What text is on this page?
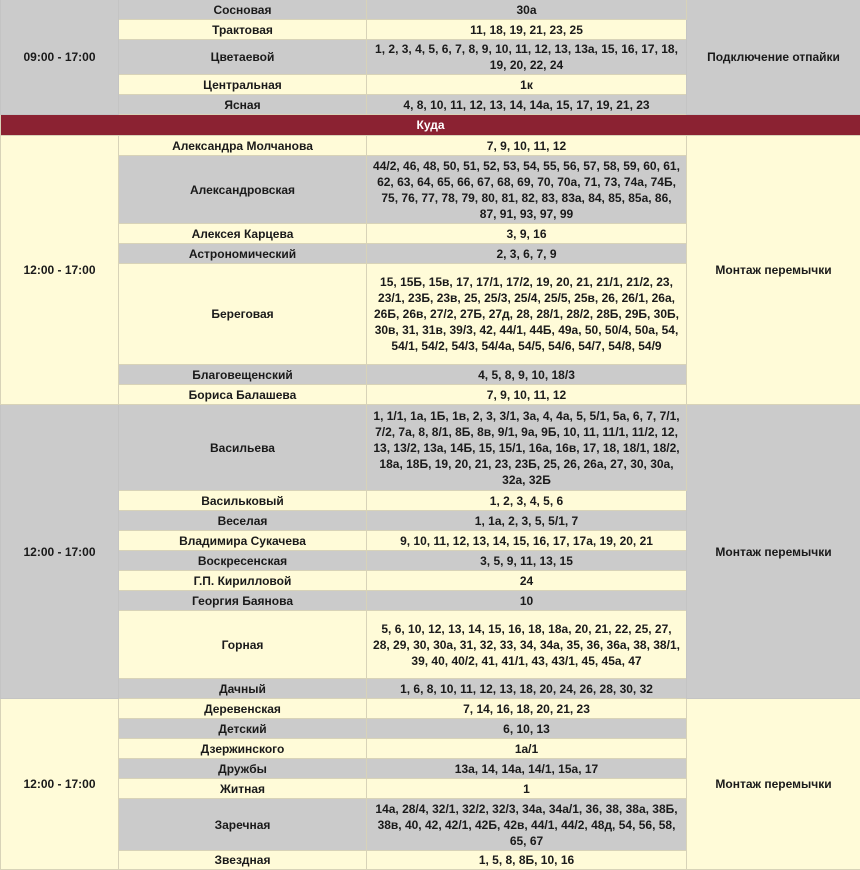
09:00 - 17:00	Сосновая	30а	Подключение отпайки
	Трактовая	11, 18, 19, 21, 23, 25	
	Цветаевой	1, 2, 3, 4, 5, 6, 7, 8, 9, 10, 11, 12, 13, 13а, 15, 16, 17, 18, 19, 20, 22, 24	
	Центральная	1к	
	Ясная	4, 8, 10, 11, 12, 13, 14, 14а, 15, 17, 19, 21, 23	
Куда			
12:00 - 17:00	Александра Молчанова	7, 9, 10, 11, 12	Монтаж перемычки
	Александровская	44/2, 46, 48, 50, 51, 52, 53, 54, 55, 56, 57, 58, 59, 60, 61, 62, 63, 64, 65, 66, 67, 68, 69, 70, 70а, 71, 73, 74а, 74Б, 75, 76, 77, 78, 79, 80, 81, 82, 83, 83а, 84, 85, 85а, 86, 87, 91, 93, 97, 99	
	Алексея Карцева	3, 9, 16	
	Астрономический	2, 3, 6, 7, 9	
	Береговая	15, 15Б, 15в, 17, 17/1, 17/2, 19, 20, 21, 21/1, 21/2, 23, 23/1, 23Б, 23в, 25, 25/3, 25/4, 25/5, 25в, 26, 26/1, 26а, 26Б, 26в, 27/2, 27Б, 27д, 28, 28/1, 28/2, 28Б, 29Б, 30Б, 30в, 31, 31в, 39/3, 42, 44/1, 44Б, 49а, 50, 50/4, 50а, 54, 54/1, 54/2, 54/3, 54/4а, 54/5, 54/6, 54/7, 54/8, 54/9	
	Благовещенский	4, 5, 8, 9, 10, 18/3	
	Бориса Балашева	7, 9, 10, 11, 12	
12:00 - 17:00	Васильева	1, 1/1, 1а, 1Б, 1в, 2, 3, 3/1, 3а, 4, 4а, 5, 5/1, 5а, 6, 7, 7/1, 7/2, 7а, 8, 8/1, 8Б, 8в, 9/1, 9а, 9Б, 10, 11, 11/1, 11/2, 12, 13, 13/2, 13а, 14Б, 15, 15/1, 16а, 16в, 17, 18, 18/1, 18/2, 18а, 18Б, 19, 20, 21, 23, 23Б, 25, 26, 26а, 27, 30, 30а, 32а, 32Б	Монтаж перемычки
	Васильковый	1, 2, 3, 4, 5, 6	
	Веселая	1, 1а, 2, 3, 5, 5/1, 7	
	Владимира Сукачева	9, 10, 11, 12, 13, 14, 15, 16, 17, 17а, 19, 20, 21	
	Воскресенская	3, 5, 9, 11, 13, 15	
	Г.П. Кирилловой	24	
	Георгия Баянова	10	
	Горная	5, 6, 10, 12, 13, 14, 15, 16, 18, 18а, 20, 21, 22, 25, 27, 28, 29, 30, 30а, 31, 32, 33, 34, 34а, 35, 36, 36а, 38, 38/1, 39, 40, 40/2, 41, 41/1, 43, 43/1, 45, 45а, 47	
	Дачный	1, 6, 8, 10, 11, 12, 13, 18, 20, 24, 26, 28, 30, 32	
12:00 - 17:00	Деревенская	7, 14, 16, 18, 20, 21, 23	Монтаж перемычки
	Детский	6, 10, 13	
	Дзержинского	1а/1	
	Дружбы	13а, 14, 14а, 14/1, 15а, 17	
	Житная	1	
	Заречная	14а, 28/4, 32/1, 32/2, 32/3, 34а, 34а/1, 36, 38, 38а, 38Б, 38в, 40, 42, 42/1, 42Б, 42в, 44/1, 44/2, 48д, 54, 56, 58, 65, 67	
	Звездная	1, 5, 8, 8Б, 10, 16	
